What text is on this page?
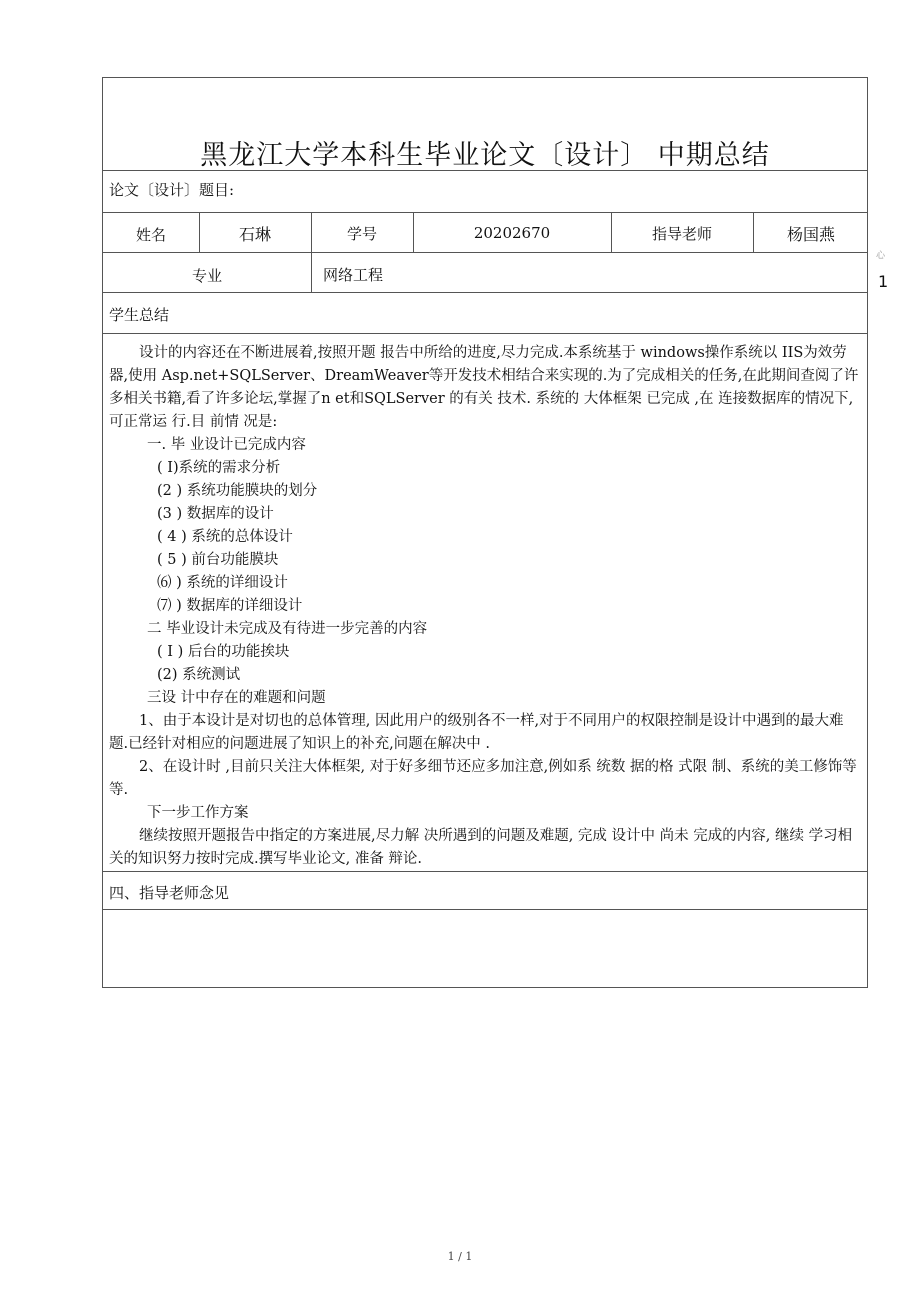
黑龙江大学本科生毕业论文〔设计〕 中期总结
论文〔设计〕题目:
姓名	石琳	学号	20202670	指导老师	杨国燕
专业	网络工程
学生总结

设计的内容还在不断进展着,按照开题 报告中所给的进度,尽力完成.本系统基于 windows操作系统以 IIS为效劳器,使用 Asp.net+SQLServer、DreamWeaver等开发技术相结合来实现的.为了完成相关的任务,在此期间查阅了许多相关书籍,看了许多论坛,掌握了n et和SQLServer 的有关 技术. 系统的 大体框架 已完成 ,在 连接数据库的情况下,可正常运 行.目 前情 况是:

一. 毕 业设计已完成内容

( I)系统的需求分析

(2 ) 系统功能膜块的划分

(3 ) 数据库的设计

( 4 ) 系统的总体设计

( 5 ) 前台功能膜块

⑹ ) 系统的详细设计

⑺ ) 数据库的详细设计

二 毕业设计未完成及有待进一步完善的内容

( I ) 后台的功能挨块

(2) 系统测试

三设 计中存在的难题和问题

1、由于本设计是对切也的总体管理, 因此用户的级别各不一样,对于不同用户的权限控制是设计中遇到的最大难题.已经针对相应的问题进展了知识上的补充,问题在解决中 .

2、在设计时 ,目前只关注大体框架, 对于好多细节还应多加注意,例如系 统数 据的格 式限 制、系统的美工修饰等等.

下一步工作方案

继续按照开题报告中指定的方案进展,尽力解 决所遇到的问题及难题, 完成 设计中 尚未 完成的内容, 继续 学习相关的知识努力按时完成.撰写毕业论文, 准备 辩论.

四、指导老师念见
心
1
1 / 1
